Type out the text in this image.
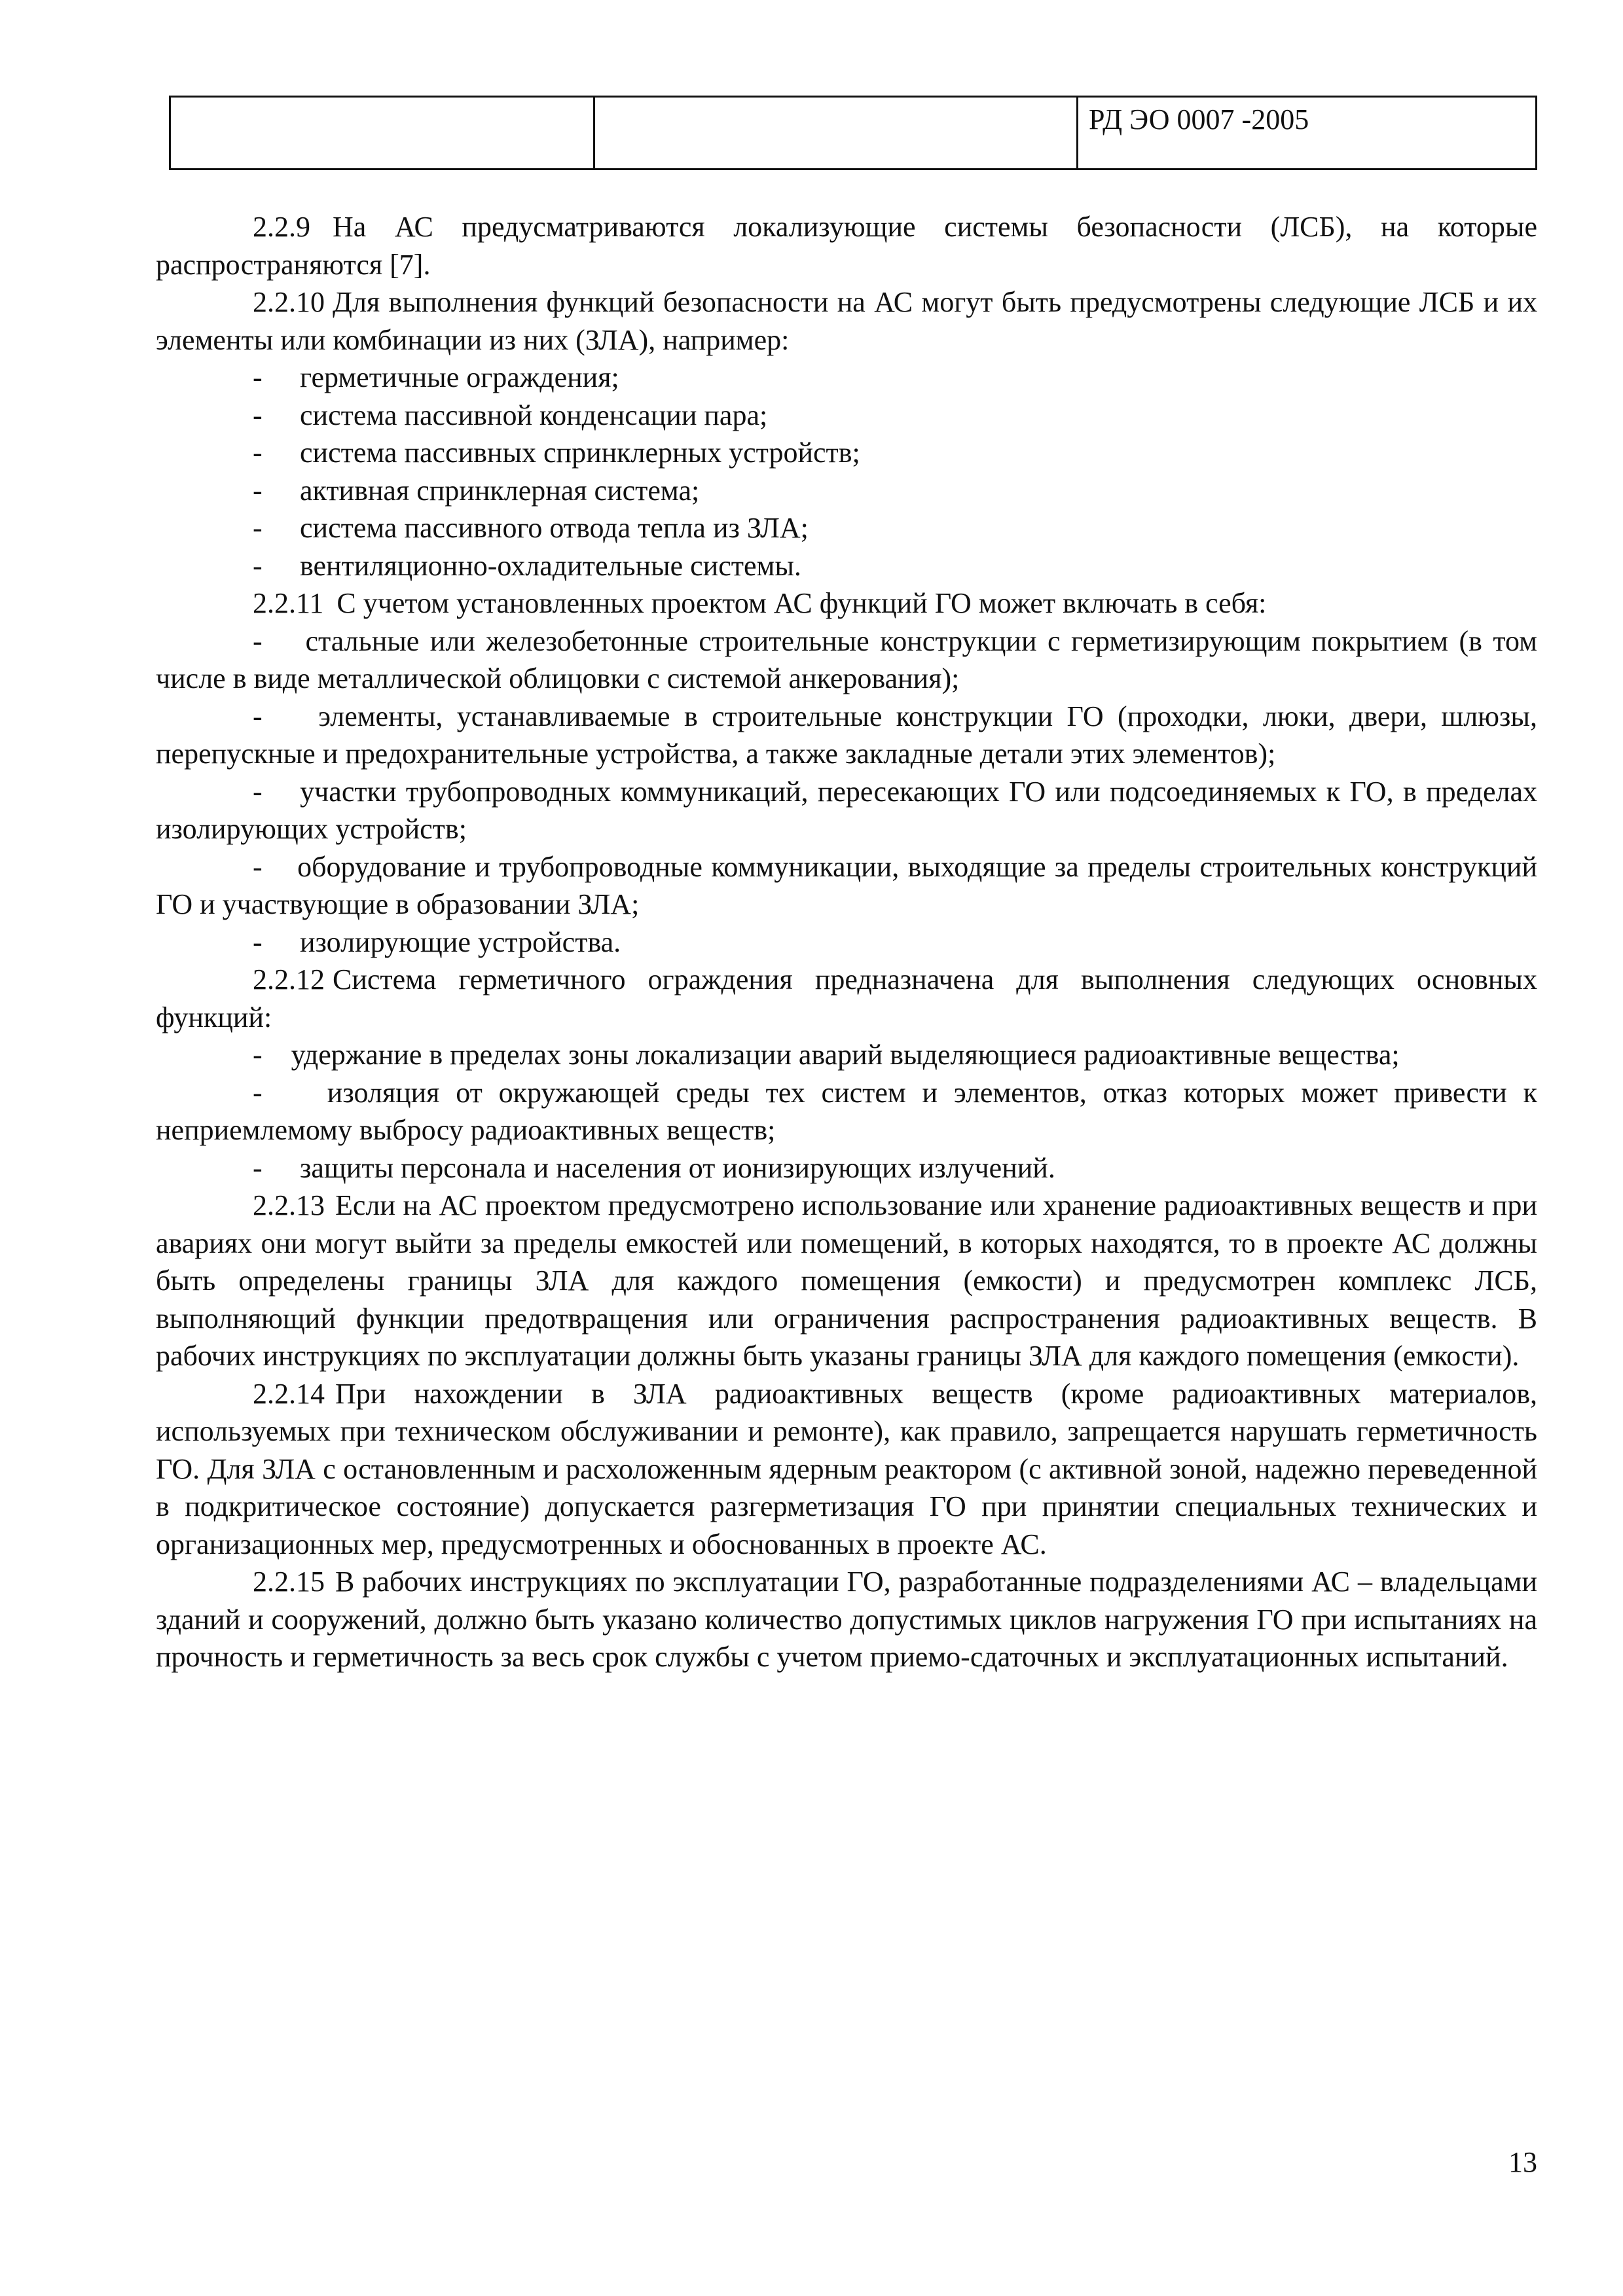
		РД ЭО 0007 -2005

2.2.9 На АС предусматриваются локализующие системы безопасности (ЛСБ), на которые распространяются [7].

2.2.10 Для выполнения функций безопасности на АС могут быть предусмотрены следующие ЛСБ и их элементы или комбинации из них (ЗЛА), например:

- герметичные ограждения;

- система пассивной конденсации пара;

- система пассивных спринклерных устройств;

- активная спринклерная система;

- система пассивного отвода тепла из ЗЛА;

- вентиляционно-охладительные системы.

2.2.11 С учетом установленных проектом АС функций ГО может включать в себя:

-    стальные или железобетонные строительные конструкции с герметизирующим покрытием (в том числе в виде металлической облицовки с системой анкерования);

-    элементы, устанавливаемые в строительные конструкции ГО (проходки, люки, двери, шлюзы, перепускные и предохранительные устройства, а также закладные детали этих элементов);

-    участки трубопроводных коммуникаций, пересекающих ГО или подсоединяемых к ГО, в пределах изолирующих устройств;

-    оборудование и трубопроводные коммуникации, выходящие за пределы строительных конструкций ГО и участвующие в образовании ЗЛА;

- изолирующие устройства.

2.2.12 Система герметичного ограждения предназначена для выполнения следующих основных функций:

-    удержание в пределах зоны локализации аварий выделяющиеся радиоактивные вещества;

-    изоляция от окружающей среды тех систем и элементов, отказ которых может привести к неприемлемому выбросу радиоактивных веществ;

- защиты персонала и населения от ионизирующих излучений.

2.2.13 Если на АС проектом предусмотрено использование или хранение радиоактивных веществ и при авариях они могут выйти за пределы емкостей или помещений, в которых находятся, то в проекте АС должны быть определены границы ЗЛА для каждого помещения (емкости) и предусмотрен комплекс ЛСБ, выполняющий функции предотвращения или ограничения распространения радиоактивных веществ. В рабочих инструкциях по эксплуатации должны быть указаны границы ЗЛА для каждого помещения (емкости).

2.2.14 При нахождении в ЗЛА радиоактивных веществ (кроме радиоактивных материалов, используемых при техническом обслуживании и ремонте), как правило, запрещается нарушать герметичность ГО. Для ЗЛА с остановленным и расхоложенным ядерным реактором (с активной зоной, надежно переведенной в подкритическое состояние) допускается разгерметизация ГО при принятии специальных технических и организационных мер, предусмотренных и обоснованных в проекте АС.

2.2.15 В рабочих инструкциях по эксплуатации ГО, разработанные подразделениями АС – владельцами зданий и сооружений, должно быть указано количество допустимых циклов нагружения ГО при испытаниях на прочность и герметичность за весь срок службы с учетом приемо-сдаточных и эксплуатационных испытаний.

13
